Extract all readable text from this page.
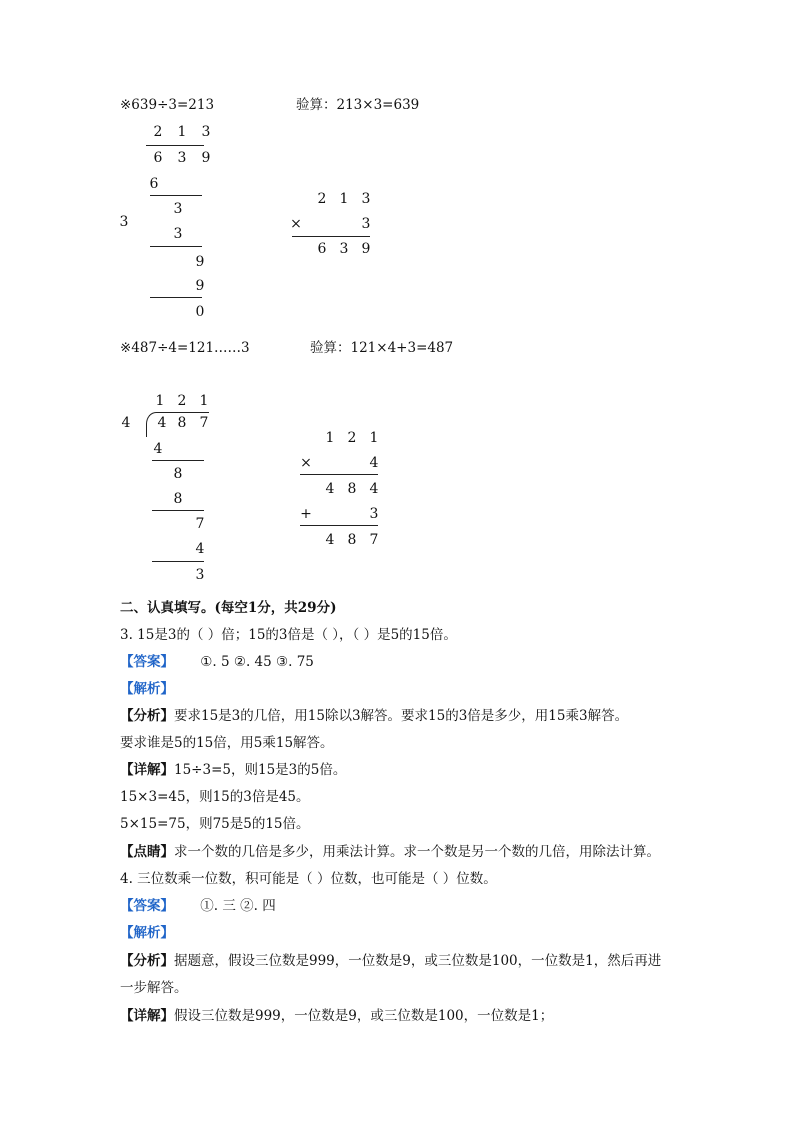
※639÷3=213	验算：213×3=639
2	1	3
6	3	9
3
6
3
3
9
9
0
2 1 3
×	3
6 3 9
※487÷4=121……3	验算：121×4+3=487
1 2 1
4 8 7
4
4
8
8
7
4
3
1 2 1
×	4
4 8 4
+	3
4 8 7
二、认真填写。(每空1分，共29分)
3. 15是3的（ ）倍；15的3倍是（ ），（ ）是5的15倍。
【答案】 ①. 5 ②. 45 ③. 75
【解析】
【分析】要求15是3的几倍，用15除以3解答。要求15的3倍是多少，用15乘3解答。
要求谁是5的15倍，用5乘15解答。
【详解】15÷3=5，则15是3的5倍。
15×3=45，则15的3倍是45。
5×15=75，则75是5的15倍。
【点睛】求一个数的几倍是多少，用乘法计算。求一个数是另一个数的几倍，用除法计算。
4. 三位数乘一位数，积可能是（ ）位数，也可能是（ ）位数。
【答案】 ①. 三 ②. 四
【解析】
【分析】据题意，假设三位数是999，一位数是9，或三位数是100，一位数是1，然后再进
一步解答。
【详解】假设三位数是999，一位数是9，或三位数是100，一位数是1；
